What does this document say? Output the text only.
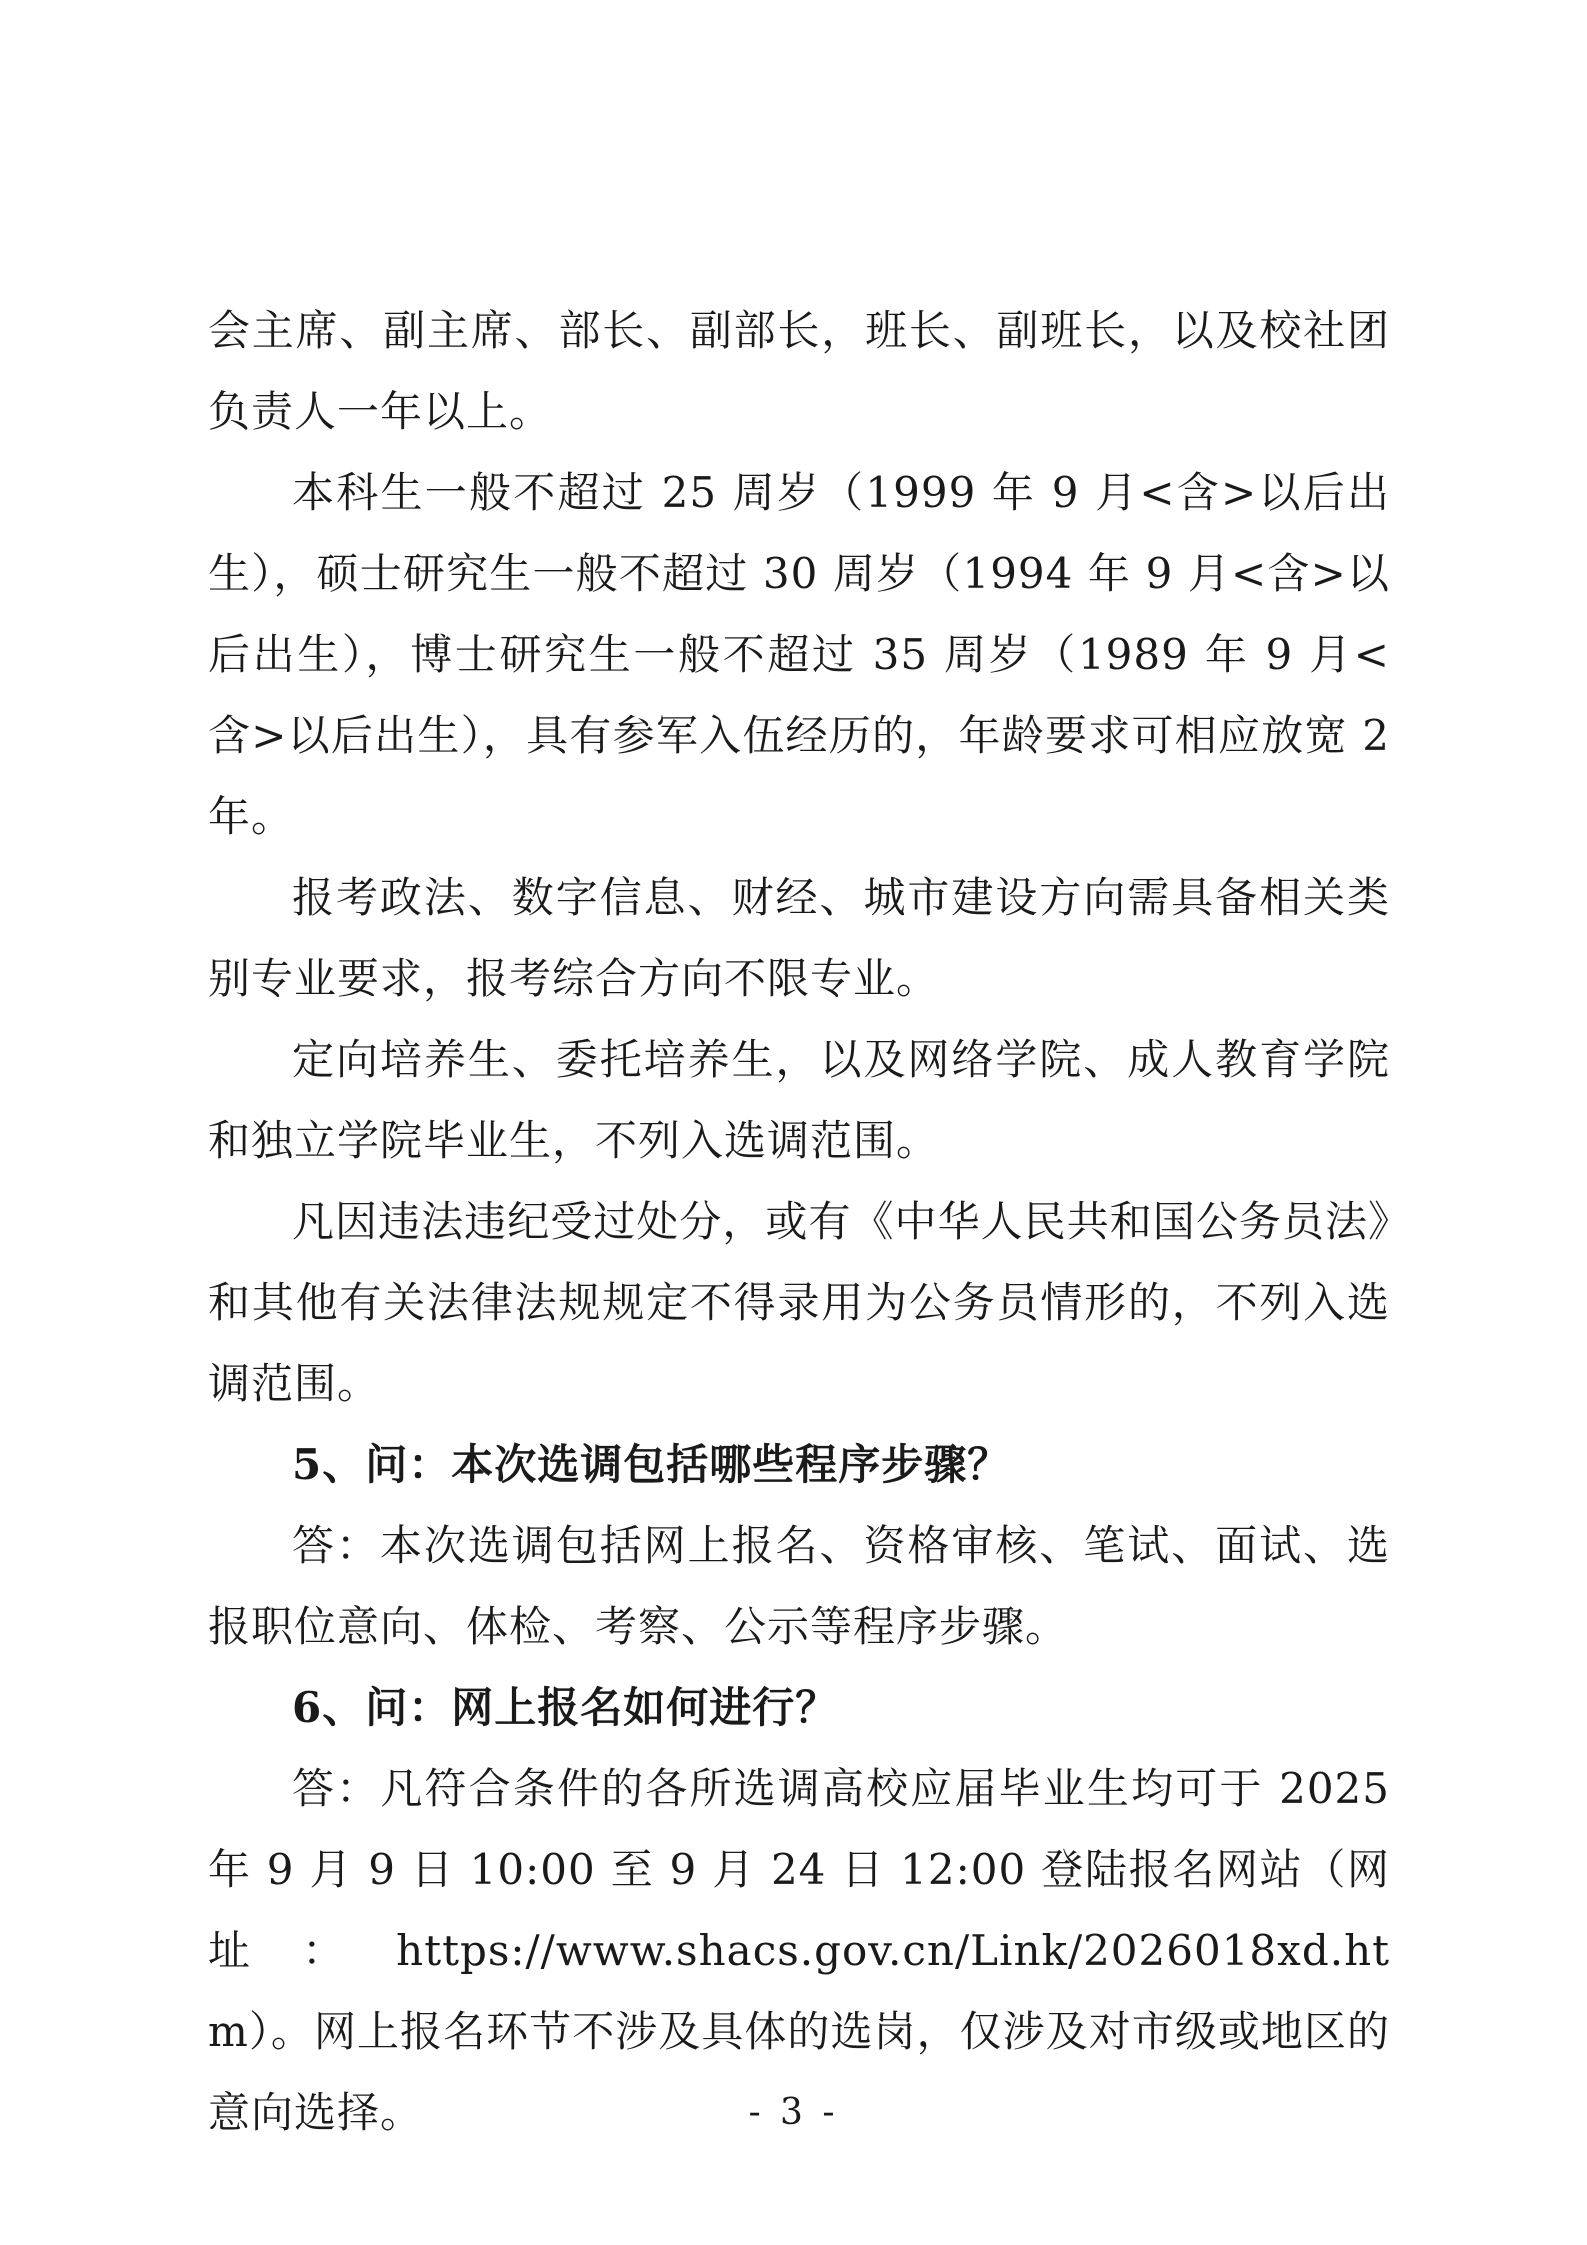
会主席、副主席、部长、副部长，班长、副班长，以及校社团负责人一年以上。

本科生一般不超过 25 周岁（1999 年 9 月<含>以后出生），硕士研究生一般不超过 30 周岁（1994 年 9 月<含>以后出生），博士研究生一般不超过 35 周岁（1989 年 9 月<含>以后出生），具有参军入伍经历的，年龄要求可相应放宽 2 年。

报考政法、数字信息、财经、城市建设方向需具备相关类别专业要求，报考综合方向不限专业。

定向培养生、委托培养生，以及网络学院、成人教育学院和独立学院毕业生，不列入选调范围。

凡因违法违纪受过处分，或有《中华人民共和国公务员法》和其他有关法律法规规定不得录用为公务员情形的，不列入选调范围。

5、问：本次选调包括哪些程序步骤？

答：本次选调包括网上报名、资格审核、笔试、面试、选报职位意向、体检、考察、公示等程序步骤。

6、问：网上报名如何进行？

答：凡符合条件的各所选调高校应届毕业生均可于 2025 年 9 月 9 日 10:00 至 9 月 24 日 12:00 登陆报名网站（网址：https://www.shacs.gov.cn/Link/2026018xd.htm）。网上报名环节不涉及具体的选岗，仅涉及对市级或地区的意向选择。	- 3 -
